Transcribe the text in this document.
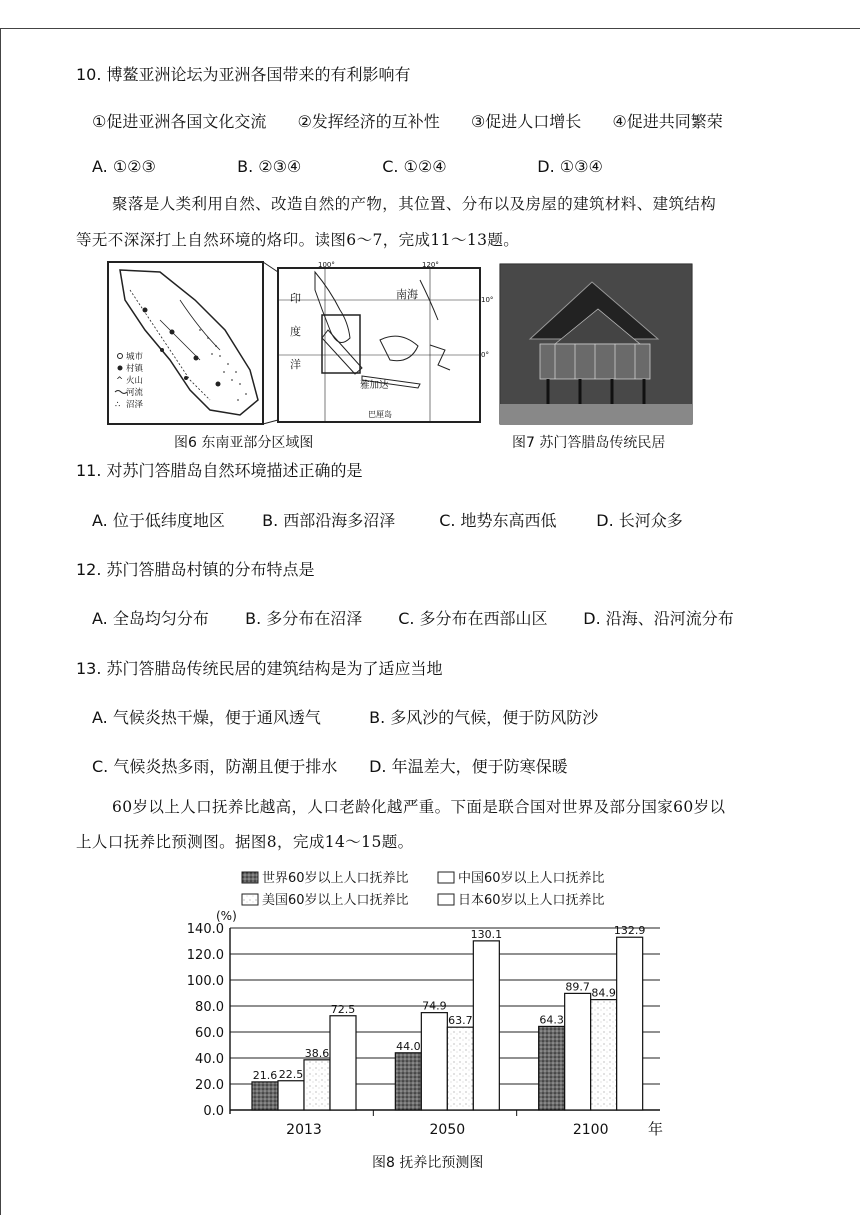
10. 博鳌亚洲论坛为亚洲各国带来的有利影响有
①促进亚洲各国文化交流 ②发挥经济的互补性 ③促进人口增长 ④促进共同繁荣
A. ①②③	B. ②③④	C. ①②④	D. ①③④
聚落是人类利用自然、改造自然的产物，其位置、分布以及房屋的建筑材料、建筑结构
等无不深深打上自然环境的烙印。读图6～7，完成11～13题。
城市
村镇
^ 火山
河流
∴ 沼泽
印
度
洋
南海
雅加达
巴厘岛
100°	120°
10°
0°
图6 东南亚部分区域图	图7 苏门答腊岛传统民居
11. 对苏门答腊岛自然环境描述正确的是
A. 位于低纬度地区 B. 西部沿海多沼泽	C. 地势东高西低 D. 长河众多
12. 苏门答腊岛村镇的分布特点是
A. 全岛均匀分布 B. 多分布在沼泽 C. 多分布在西部山区 D. 沿海、沿河流分布
13. 苏门答腊岛传统民居的建筑结构是为了适应当地
A. 气候炎热干燥，便于通风透气	B. 多风沙的气候，便于防风防沙
C. 气候炎热多雨，防潮且便于排水 D. 年温差大，便于防寒保暖
60岁以上人口抚养比越高，人口老龄化越严重。下面是联合国对世界及部分国家60岁以
上人口抚养比预测图。据图8，完成14～15题。
世界60岁以上人口抚养比	中国60岁以上人口抚养比
美国60岁以上人口抚养比	日本60岁以上人口抚养比
(%)
0.0
20.0
40.0
60.0
80.0
100.0
120.0
140.0
21.6 22.5
38.6
72.5
2013
44.0
74.9
63.7
130.1
2050
64.3
89.7 84.9
132.9
2100	年
图8 抚养比预测图
